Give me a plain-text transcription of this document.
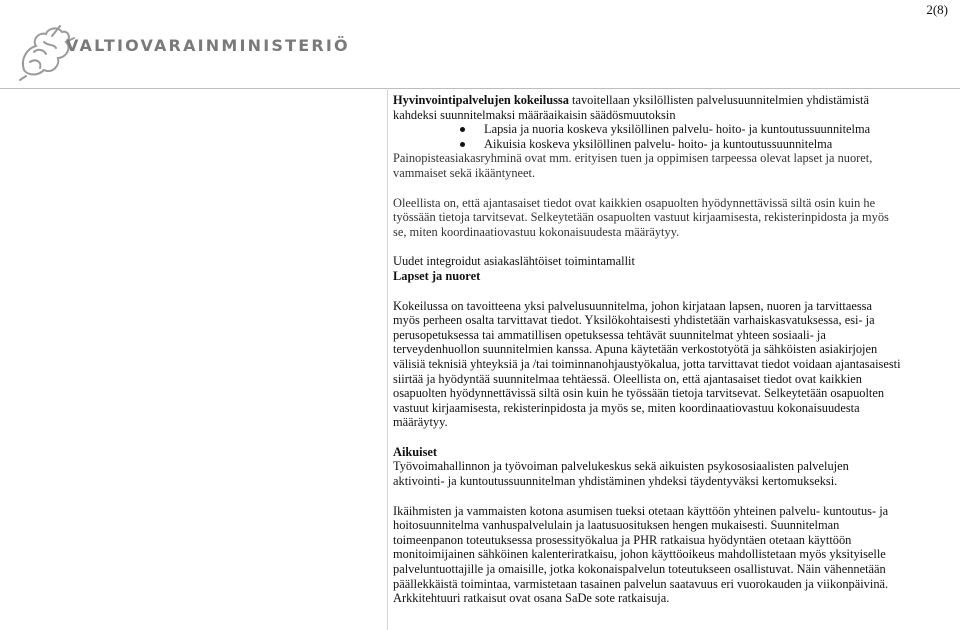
2(8)
VALTIOVARAINMINISTERIÖ

Hyvinvointipalvelujen kokeilussa tavoitellaan yksilöllisten palvelusuunnitelmien yhdistämistä

kahdeksi suunnitelmaksi määräaikaisin säädösmuutoksin

Lapsia ja nuoria koskeva yksilöllinen palvelu- hoito- ja kuntoutussuunnitelma
Aikuisia koskeva yksilöllinen palvelu- hoito- ja kuntoutussuunnitelma

Painopisteasiakasryhminä ovat mm. erityisen tuen ja oppimisen tarpeessa olevat lapset ja nuoret,

vammaiset sekä ikääntyneet.

Oleellista on, että ajantasaiset tiedot ovat kaikkien osapuolten hyödynnettävissä siltä osin kuin he

työssään tietoja tarvitsevat. Selkeytetään osapuolten vastuut kirjaamisesta, rekisterinpidosta ja myös

se, miten koordinaatiovastuu kokonaisuudesta määräytyy.

Uudet integroidut asiakaslähtöiset toimintamallit

Lapset ja nuoret

Kokeilussa on tavoitteena yksi palvelusuunnitelma, johon kirjataan lapsen, nuoren ja tarvittaessa

myös perheen osalta tarvittavat tiedot. Yksilökohtaisesti yhdistetään varhaiskasvatuksessa, esi- ja

perusopetuksessa tai ammatillisen opetuksessa tehtävät suunnitelmat yhteen sosiaali- ja

terveydenhuollon suunnitelmien kanssa. Apuna käytetään verkostotyötä ja sähköisten asiakirjojen

välisiä teknisiä yhteyksiä ja /tai toiminnanohjaustyökalua, jotta tarvittavat tiedot voidaan ajantasaisesti

siirtää ja hyödyntää suunnitelmaa tehtäessä. Oleellista on, että ajantasaiset tiedot ovat kaikkien

osapuolten hyödynnettävissä siltä osin kuin he työssään tietoja tarvitsevat. Selkeytetään osapuolten

vastuut kirjaamisesta, rekisterinpidosta ja myös se, miten koordinaatiovastuu kokonaisuudesta

määräytyy.

Aikuiset

Työvoimahallinnon ja työvoiman palvelukeskus sekä aikuisten psykososiaalisten palvelujen

aktivointi- ja kuntoutussuunnitelman yhdistäminen yhdeksi täydentyväksi kertomukseksi.

Ikäihmisten ja vammaisten kotona asumisen tueksi otetaan käyttöön yhteinen palvelu- kuntoutus- ja

hoitosuunnitelma vanhuspalvelulain ja laatusuosituksen hengen mukaisesti. Suunnitelman

toimeenpanon toteutuksessa prosessityökalua ja PHR ratkaisua hyödyntäen otetaan käyttöön

monitoimijainen sähköinen kalenteriratkaisu, johon käyttöoikeus mahdollistetaan myös yksityiselle

palveluntuottajille ja omaisille, jotka kokonaispalvelun toteutukseen osallistuvat. Näin vähennetään

päällekkäistä toimintaa, varmistetaan tasainen palvelun saatavuus eri vuorokauden ja viikonpäivinä.

Arkkitehtuuri ratkaisut ovat osana SaDe sote ratkaisuja.
